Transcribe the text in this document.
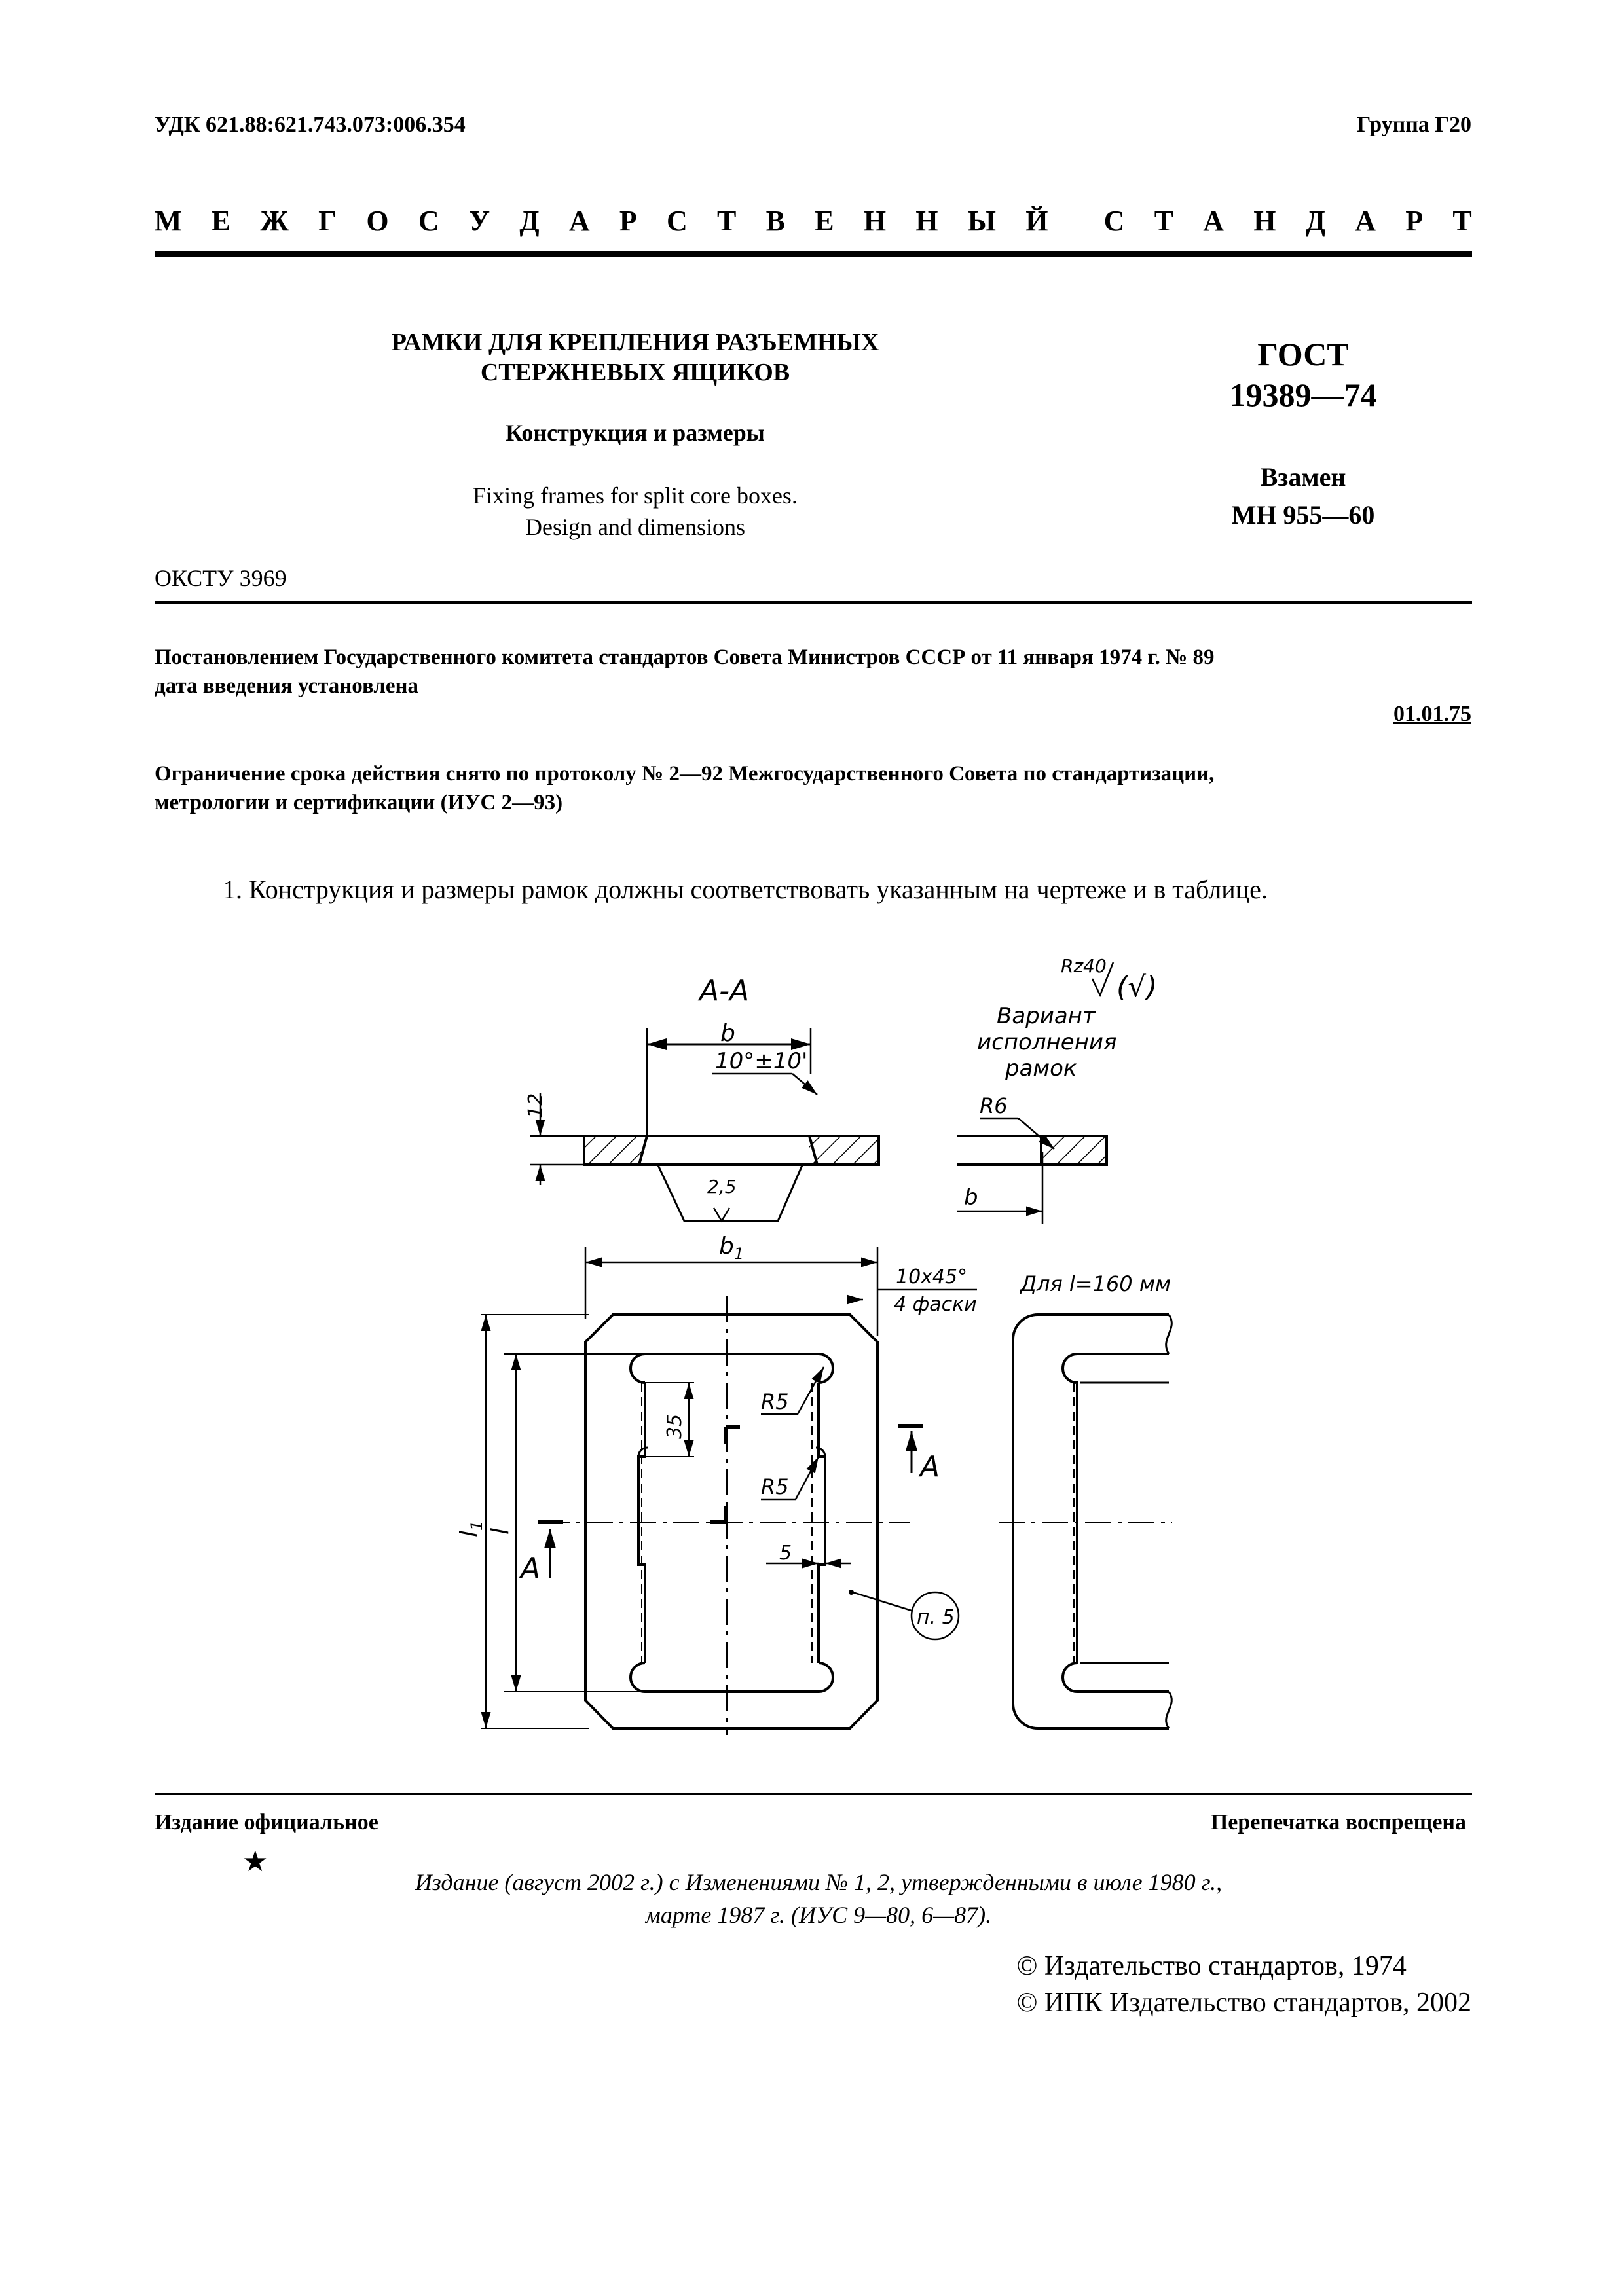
УДК 621.88:621.743.073:006.354	Группа Г20
М Е Ж Г О С У Д А Р С Т В Е Н Н Ы Й С Т А Н Д А Р Т
РАМКИ ДЛЯ КРЕПЛЕНИЯ РАЗЪЕМНЫХ
СТЕРЖНЕВЫХ ЯЩИКОВ
Конструкция и размеры
Fixing frames for split core boxes.
Design and dimensions
ГОСТ
19389—74
Взамен
МН 955—60
ОКСТУ 3969
Постановлением Государственного комитета стандартов Совета Министров СССР от 11 января 1974 г. № 89
дата введения установлена
01.01.75
Ограничение срока действия снято по протоколу № 2—92 Межгосударственного Совета по стандартизации,
метрологии и сертификации (ИУС 2—93)
1. Конструкция и размеры рамок должны соответствовать указанным на чертеже и в таблице.
А-А
b
10°±10'
2,5
12
Rz40
(√)
Вариант
исполнения
рамок
R6
b
$b_1$
10х45°
4 фаски
А
А
R5
R5
35
5
$l_1$
l
п. 5
Для l=160 мм
Издание официальное	Перепечатка воспрещена
★
Издание (август 2002 г.) с Изменениями № 1, 2, утвержденными в июле 1980 г.,
марте 1987 г. (ИУС 9—80, 6—87).
© Издательство стандартов, 1974
© ИПК Издательство стандартов, 2002
